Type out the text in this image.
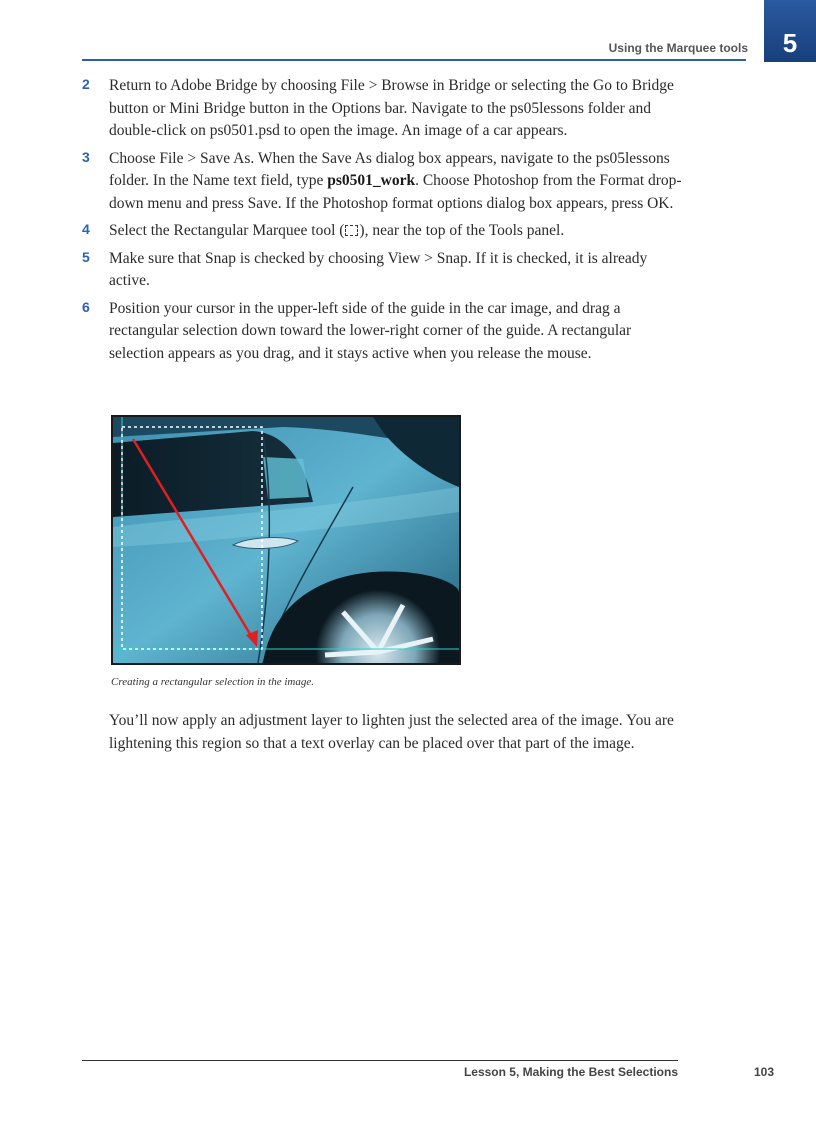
Using the Marquee tools	5
2 Return to Adobe Bridge by choosing File > Browse in Bridge or selecting the Go to Bridge button or Mini Bridge button in the Options bar. Navigate to the ps05lessons folder and double-click on ps0501.psd to open the image. An image of a car appears.
3 Choose File > Save As. When the Save As dialog box appears, navigate to the ps05lessons folder. In the Name text field, type ps0501_work. Choose Photoshop from the Format drop-down menu and press Save. If the Photoshop format options dialog box appears, press OK.
4 Select the Rectangular Marquee tool ( ), near the top of the Tools panel.
5 Make sure that Snap is checked by choosing View > Snap. If it is checked, it is already active.
6 Position your cursor in the upper-left side of the guide in the car image, and drag a rectangular selection down toward the lower-right corner of the guide. A rectangular selection appears as you drag, and it stays active when you release the mouse.
Creating a rectangular selection in the image.
You’ll now apply an adjustment layer to lighten just the selected area of the image. You are lightening this region so that a text overlay can be placed over that part of the image.
Lesson 5, Making the Best Selections	103
